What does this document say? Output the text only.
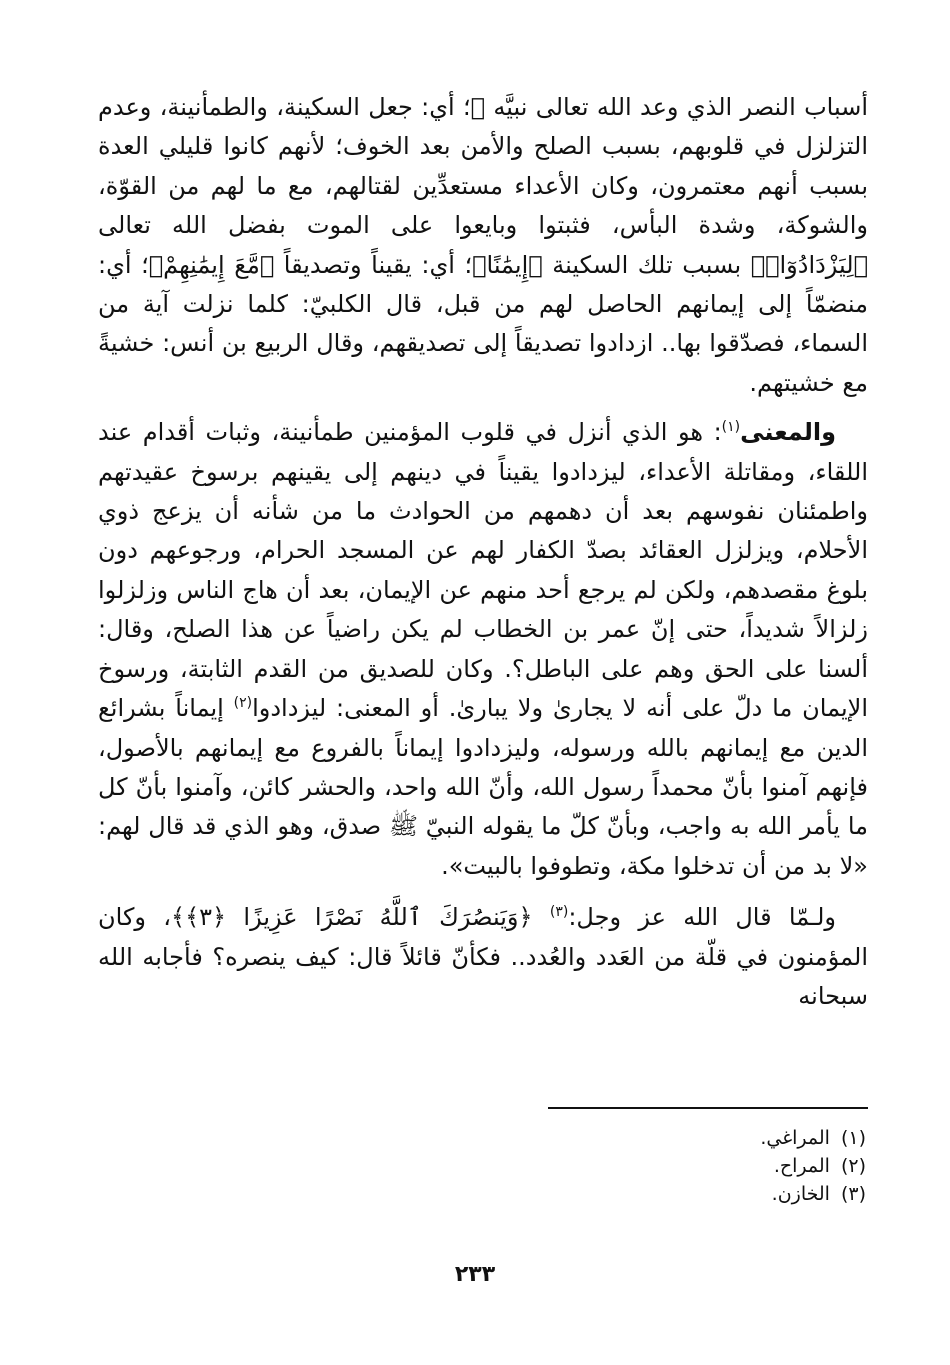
أسباب النصر الذي وعد الله تعالى نبيَّه ﷺ؛ أي: جعل السكينة، والطمأنينة، وعدم التزلزل في قلوبهم، بسبب الصلح والأمن بعد الخوف؛ لأنهم كانوا قليلي العدة بسبب أنهم معتمرون، وكان الأعداء مستعدِّين لقتالهم، مع ما لهم من القوّة، والشوكة، وشدة البأس، فثبتوا وبايعوا على الموت بفضل الله تعالى ﴿لِيَزْدَادُوٓا۟﴾ بسبب تلك السكينة ﴿إِيمَٰنًا﴾؛ أي: يقيناً وتصديقاً ﴿مَّعَ إِيمَٰنِهِمْ﴾؛ أي: منضمّاً إلى إيمانهم الحاصل لهم من قبل، قال الكلبيّ: كلما نزلت آية من السماء، فصدّقوا بها.. ازدادوا تصديقاً إلى تصديقهم، وقال الربيع بن أنس: خشيةً مع خشيتهم.

والمعنى$^{(١)}$: هو الذي أنزل في قلوب المؤمنين طمأنينة، وثبات أقدام عند اللقاء، ومقاتلة الأعداء، ليزدادوا يقيناً في دينهم إلى يقينهم برسوخ عقيدتهم واطمئنان نفوسهم بعد أن دهمهم من الحوادث ما من شأنه أن يزعج ذوي الأحلام، ويزلزل العقائد بصدّ الكفار لهم عن المسجد الحرام، ورجوعهم دون بلوغ مقصدهم، ولكن لم يرجع أحد منهم عن الإيمان، بعد أن هاج الناس وزلزلوا زلزالاً شديداً، حتى إنّ عمر بن الخطاب لم يكن راضياً عن هذا الصلح، وقال: ألسنا على الحق وهم على الباطل؟. وكان للصديق من القدم الثابتة، ورسوخ الإيمان ما دلّ على أنه لا يجارىٰ ولا يبارىٰ. أو المعنى: ليزدادوا$^{(٢)}$ إيماناً بشرائع الدين مع إيمانهم بالله ورسوله، وليزدادوا إيماناً بالفروع مع إيمانهم بالأصول، فإنهم آمنوا بأنّ محمداً رسول الله، وأنّ الله واحد، والحشر كائن، وآمنوا بأنّ كل ما يأمر الله به واجب، وبأنّ كلّ ما يقوله النبيّ ﷺ صدق، وهو الذي قد قال لهم: «لا بد من أن تدخلوا مكة، وتطوفوا بالبيت».

ولـمّا قال الله عز وجل:$^{(٣)}$ ﴿وَيَنصُرَكَ ٱللَّهُ نَصْرًا عَزِيزًا ﴿٣﴾﴾، وكان المؤمنون في قلّة من العَدد والعُدد.. فكأنّ قائلاً قال: كيف ينصره؟ فأجابه الله سبحانه

(١) المراغي.
(٢) المراح.
(٣) الخازن.
٢٣٣
